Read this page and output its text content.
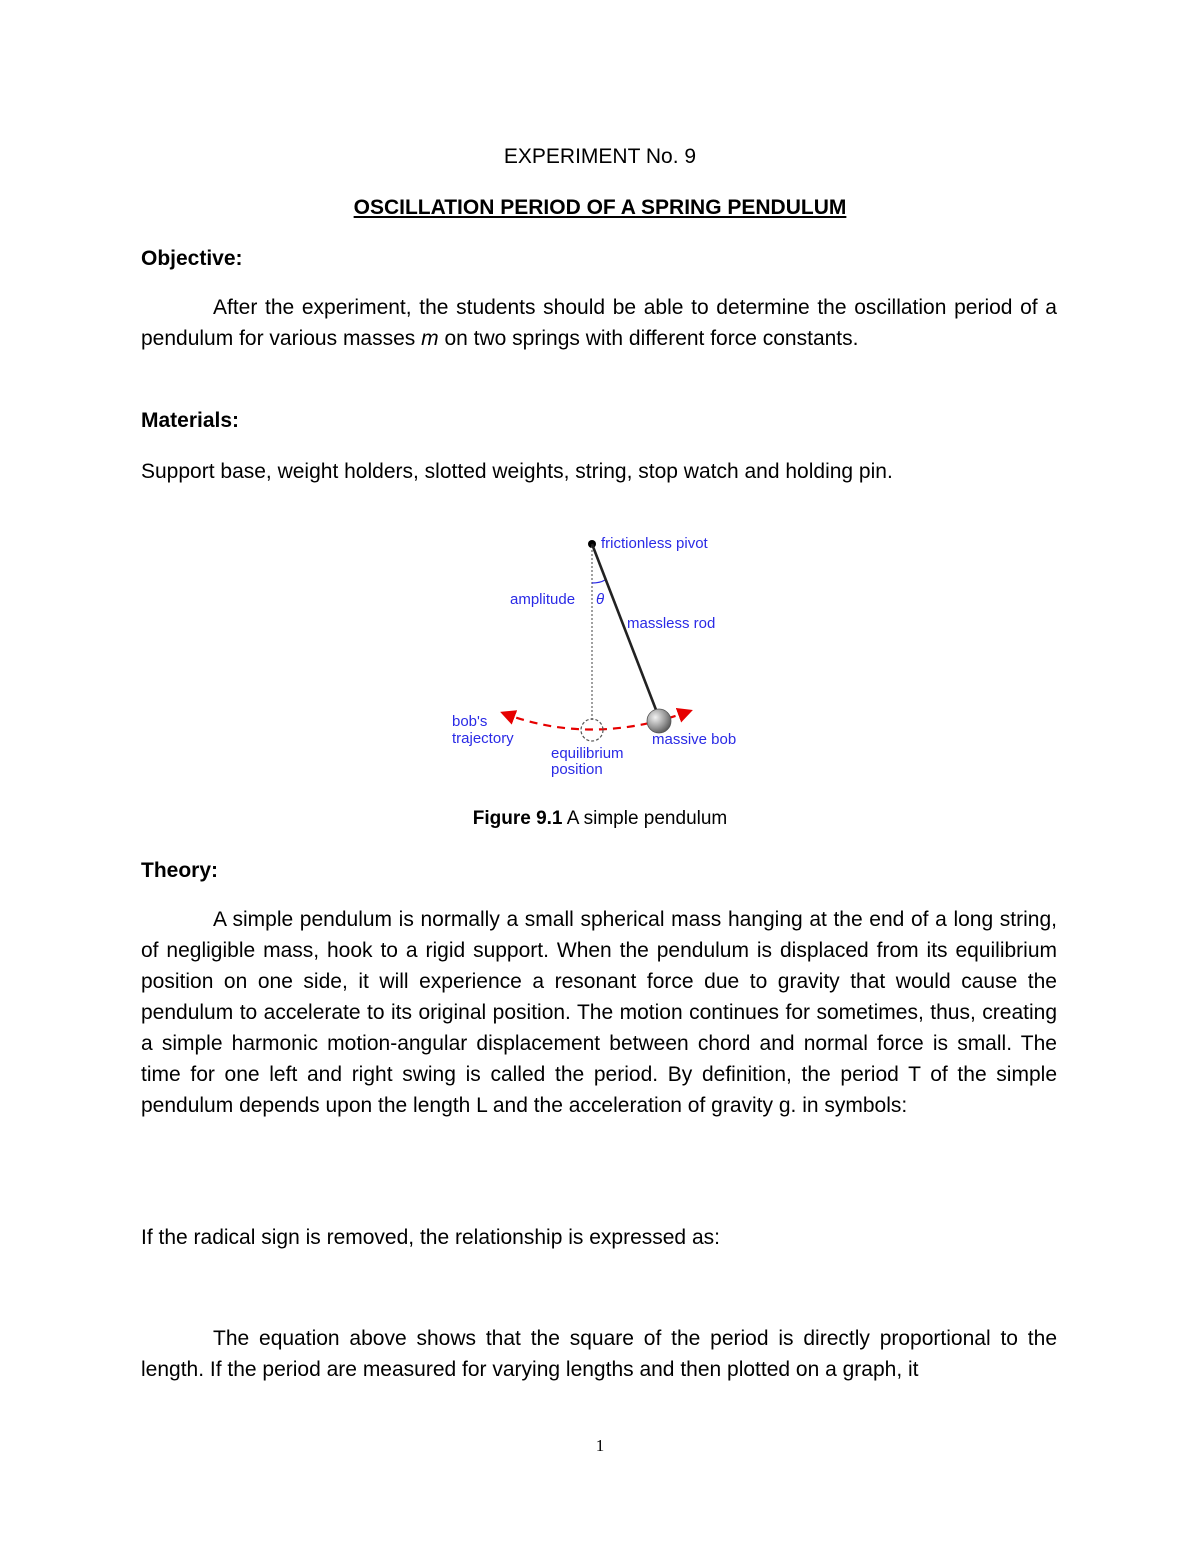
EXPERIMENT No. 9
OSCILLATION PERIOD OF A SPRING PENDULUM
Objective:
After the experiment, the students should be able to determine the oscillation period of a pendulum for various masses m on two springs with different force constants.
Materials:
Support base, weight holders, slotted weights, string, stop watch and holding pin.
frictionless pivot
amplitude θ
massless rod
bob's
trajectory
equilibrium
position
massive bob
Figure 9.1 A simple pendulum
Theory:
A simple pendulum is normally a small spherical mass hanging at the end of a long string, of negligible mass, hook to a rigid support. When the pendulum is displaced from its equilibrium position on one side, it will experience a resonant force due to gravity that would cause the pendulum to accelerate to its original position. The motion continues for sometimes, thus, creating a simple harmonic motion-angular displacement between chord and normal force is small. The time for one left and right swing is called the period. By definition, the period T of the simple pendulum depends upon the length L and the acceleration of gravity g. in symbols:
If the radical sign is removed, the relationship is expressed as:
The equation above shows that the square of the period is directly proportional to the length. If the period are measured for varying lengths and then plotted on a graph, it
1
